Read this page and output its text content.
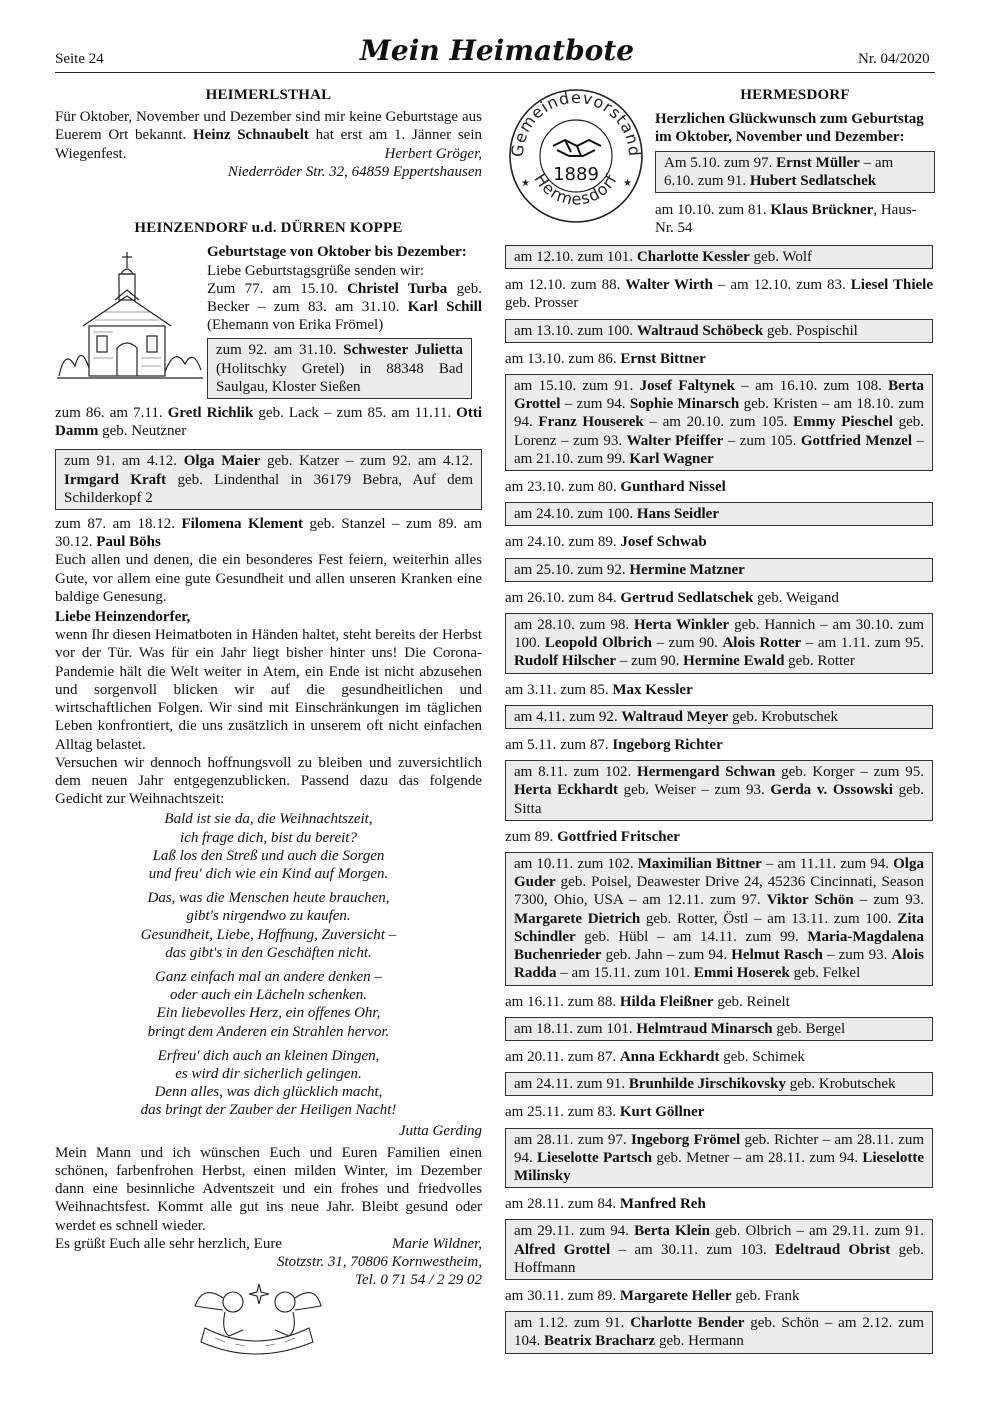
Seite 24	Mein Heimatbote	Nr. 04/2020
HEIMERLSTHAL

Für Oktober, November und Dezember sind mir keine Geburtstage aus Euerem Ort bekannt. Heinz Schnaubelt hat erst am 1. Jänner sein Wiegenfest.	Herbert Gröger,

Niederröder Str. 32, 64859 Eppertshausen

HEINZENDORF u.d. DÜRREN KOPPE

Geburtstage von Oktober bis Dezember:

Liebe Geburtstagsgrüße senden wir:

Zum 77. am 15.10. Christel Turba geb. Becker – zum 83. am 31.10. Karl Schill (Ehemann von Erika Frömel)

zum 92. am 31.10. Schwester Julietta (Holitschky Gretel) in 88348 Bad Saulgau, Kloster Sießen

zum 86. am 7.11. Gretl Richlik geb. Lack – zum 85. am 11.11. Otti Damm geb. Neutzner

zum 91. am 4.12. Olga Maier geb. Katzer – zum 92. am 4.12. Irmgard Kraft geb. Lindenthal in 36179 Bebra, Auf dem Schilderkopf 2

zum 87. am 18.12. Filomena Klement geb. Stanzel – zum 89. am 30.12. Paul Böhs

Euch allen und denen, die ein besonderes Fest feiern, weiterhin alles Gute, vor allem eine gute Gesundheit und allen unseren Kranken eine baldige Genesung.

Liebe Heinzendorfer,

wenn Ihr diesen Heimatboten in Händen haltet, steht bereits der Herbst vor der Tür. Was für ein Jahr liegt bisher hinter uns! Die Corona-Pandemie hält die Welt weiter in Atem, ein Ende ist nicht abzusehen und sorgenvoll blicken wir auf die gesundheitlichen und wirtschaftlichen Folgen. Wir sind mit Einschränkungen im täglichen Leben konfrontiert, die uns zusätzlich in unserem oft nicht einfachen Alltag belastet.

Versuchen wir dennoch hoffnungsvoll zu bleiben und zuversichtlich dem neuen Jahr entgegenzublicken. Passend dazu das folgende Gedicht zur Weihnachtszeit:

Bald ist sie da, die Weihnachtszeit,
ich frage dich, bist du bereit?
Laß los den Streß und auch die Sorgen
und freu' dich wie ein Kind auf Morgen.
Das, was die Menschen heute brauchen,
gibt's nirgendwo zu kaufen.
Gesundheit, Liebe, Hoffnung, Zuversicht –
das gibt's in den Geschäften nicht.
Ganz einfach mal an andere denken –
oder auch ein Lächeln schenken.
Ein liebevolles Herz, ein offenes Ohr,
bringt dem Anderen ein Strahlen hervor.
Erfreu' dich auch an kleinen Dingen,
es wird dir sicherlich gelingen.
Denn alles, was dich glücklich macht,
das bringt der Zauber der Heiligen Nacht!

Jutta Gerding

Mein Mann und ich wünschen Euch und Euren Familien einen schönen, farbenfrohen Herbst, einen milden Winter, im Dezember dann eine besinnliche Adventszeit und ein frohes und friedvolles Weihnachtsfest. Kommt alle gut ins neue Jahr. Bleibt gesund oder werdet es schnell wieder.

Es grüßt Euch alle sehr herzlich, Eure	Marie Wildner,

Stotzstr. 31, 70806 Kornwestheim,

Tel. 0 71 54 / 2 29 02

Gemeindevorstand
Hermesdorf
1889
★	★
HERMESDORF

Herzlichen Glückwunsch zum Geburtstag im Oktober, November und Dezember:

Am 5.10. zum 97. Ernst Müller – am 6.10. zum 91. Hubert Sedlatschek
am 10.10. zum 81. Klaus Brückner, Haus-Nr. 54
am 12.10. zum 101. Charlotte Kessler geb. Wolf
am 12.10. zum 88. Walter Wirth – am 12.10. zum 83. Liesel Thiele geb. Prosser
am 13.10. zum 100. Waltraud Schöbeck geb. Pospischil
am 13.10. zum 86. Ernst Bittner
am 15.10. zum 91. Josef Faltynek – am 16.10. zum 108. Berta Grottel – zum 94. Sophie Minarsch geb. Kristen – am 18.10. zum 94. Franz Houserek – am 20.10. zum 105. Emmy Pieschel geb. Lorenz – zum 93. Walter Pfeiffer – zum 105. Gottfried Menzel – am 21.10. zum 99. Karl Wagner
am 23.10. zum 80. Gunthard Nissel
am 24.10. zum 100. Hans Seidler
am 24.10. zum 89. Josef Schwab
am 25.10. zum 92. Hermine Matzner
am 26.10. zum 84. Gertrud Sedlatschek geb. Weigand
am 28.10. zum 98. Herta Winkler geb. Hannich – am 30.10. zum 100. Leopold Olbrich – zum 90. Alois Rotter – am 1.11. zum 95. Rudolf Hilscher – zum 90. Hermine Ewald geb. Rotter
am 3.11. zum 85. Max Kessler
am 4.11. zum 92. Waltraud Meyer geb. Krobutschek
am 5.11. zum 87. Ingeborg Richter
am 8.11. zum 102. Hermengard Schwan geb. Korger – zum 95. Herta Eckhardt geb. Weiser – zum 93. Gerda v. Ossowski geb. Sitta
zum 89. Gottfried Fritscher
am 10.11. zum 102. Maximilian Bittner – am 11.11. zum 94. Olga Guder geb. Poisel, Deawester Drive 24, 45236 Cincinnati, Season 7300, Ohio, USA – am 12.11. zum 97. Viktor Schön – zum 93. Margarete Dietrich geb. Rotter, Östl – am 13.11. zum 100. Zita Schindler geb. Hübl – am 14.11. zum 99. Maria-Magdalena Buchenrieder geb. Jahn – zum 94. Helmut Rasch – zum 93. Alois Radda – am 15.11. zum 101. Emmi Hoserek geb. Felkel
am 16.11. zum 88. Hilda Fleißner geb. Reinelt
am 18.11. zum 101. Helmtraud Minarsch geb. Bergel
am 20.11. zum 87. Anna Eckhardt geb. Schimek
am 24.11. zum 91. Brunhilde Jirschikovsky geb. Krobutschek
am 25.11. zum 83. Kurt Göllner
am 28.11. zum 97. Ingeborg Frömel geb. Richter – am 28.11. zum 94. Lieselotte Partsch geb. Metner – am 28.11. zum 94. Lieselotte Milinsky
am 28.11. zum 84. Manfred Reh
am 29.11. zum 94. Berta Klein geb. Olbrich – am 29.11. zum 91. Alfred Grottel – am 30.11. zum 103. Edeltraud Obrist geb. Hoffmann
am 30.11. zum 89. Margarete Heller geb. Frank
am 1.12. zum 91. Charlotte Bender geb. Schön – am 2.12. zum 104. Beatrix Bracharz geb. Hermann
